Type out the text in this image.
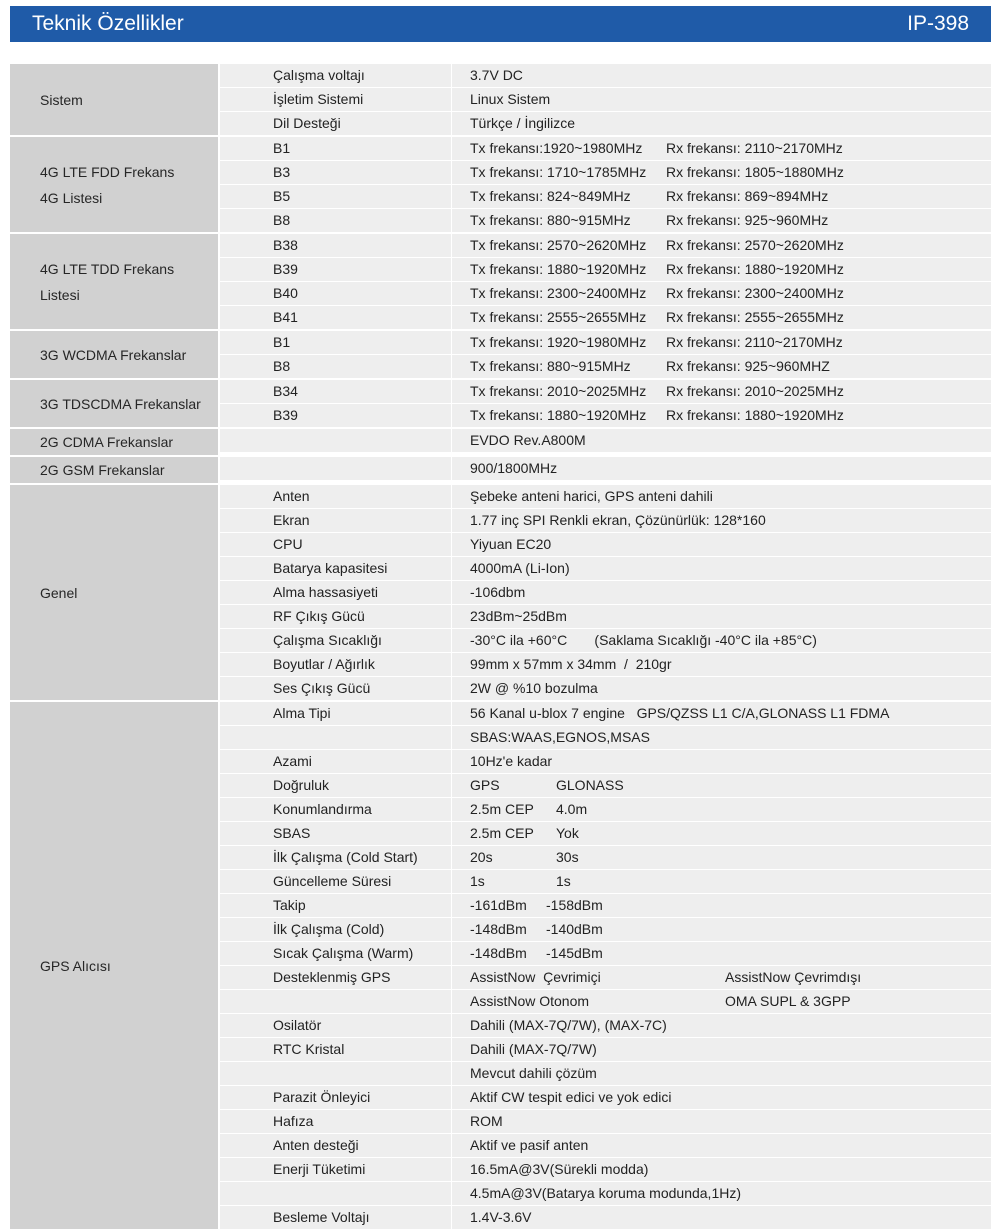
Teknik Özellikler	IP-398
Sistem
Çalışma voltajı	3.7V DC
İşletim Sistemi	Linux Sistem
Dil Desteği	Türkçe / İngilizce
4G LTE FDD Frekans
4G Listesi
B1	Tx frekansı:1920~1980MHz Rx frekansı: 2110~2170MHz
B3	Tx frekansı: 1710~1785MHz Rx frekansı: 1805~1880MHz
B5	Tx frekansı: 824~849MHz	Rx frekansı: 869~894MHz
B8	Tx frekansı: 880~915MHz	Rx frekansı: 925~960MHz
4G LTE TDD Frekans
Listesi
B38	Tx frekansı: 2570~2620MHz Rx frekansı: 2570~2620MHz
B39	Tx frekansı: 1880~1920MHz Rx frekansı: 1880~1920MHz
B40	Tx frekansı: 2300~2400MHz Rx frekansı: 2300~2400MHz
B41	Tx frekansı: 2555~2655MHz Rx frekansı: 2555~2655MHz
3G WCDMA Frekanslar
B1	Tx frekansı: 1920~1980MHz Rx frekansı: 2110~2170MHz
B8	Tx frekansı: 880~915MHz	Rx frekansı: 925~960MHZ
3G TDSCDMA Frekanslar
B34	Tx frekansı: 2010~2025MHz Rx frekansı: 2010~2025MHz
B39	Tx frekansı: 1880~1920MHz Rx frekansı: 1880~1920MHz
2G CDMA Frekanslar	EVDO Rev.A800M
2G GSM Frekanslar	900/1800MHz
Genel
Anten	Şebeke anteni harici, GPS anteni dahili
Ekran	1.77 inç SPI Renkli ekran, Çözünürlük: 128*160
CPU	Yiyuan EC20
Batarya kapasitesi	4000mA (Li-Ion)
Alma hassasiyeti	-106dbm
RF Çıkış Gücü	23dBm~25dBm
Çalışma Sıcaklığı	-30°C ila +60°C       (Saklama Sıcaklığı -40°C ila +85°C)
Boyutlar / Ağırlık	99mm x 57mm x 34mm  /  210gr
Ses Çıkış Gücü	2W @ %10 bozulma
GPS Alıcısı
Alma Tipi	56 Kanal u-blox 7 engine   GPS/QZSS L1 C/A,GLONASS L1 FDMA
SBAS:WAAS,EGNOS,MSAS
Azami	10Hz'e kadar
Doğruluk	GPS	GLONASS
Konumlandırma	2.5m CEP 4.0m
SBAS	2.5m CEP Yok
İlk Çalışma (Cold Start)	20s	30s
Güncelleme Süresi	1s	1s
Takip	-161dBm -158dBm
İlk Çalışma (Cold)	-148dBm -140dBm
Sıcak Çalışma (Warm)	-148dBm -145dBm
Desteklenmiş GPS	AssistNow  Çevrimiçi	AssistNow Çevrimdışı
AssistNow Otonom	OMA SUPL & 3GPP
Osilatör	Dahili (MAX-7Q/7W), (MAX-7C)
RTC Kristal	Dahili (MAX-7Q/7W)
Mevcut dahili çözüm
Parazit Önleyici	Aktif CW tespit edici ve yok edici
Hafıza	ROM
Anten desteği	Aktif ve pasif anten
Enerji Tüketimi	16.5mA@3V(Sürekli modda)
4.5mA@3V(Batarya koruma modunda,1Hz)
Besleme Voltajı	1.4V-3.6V
